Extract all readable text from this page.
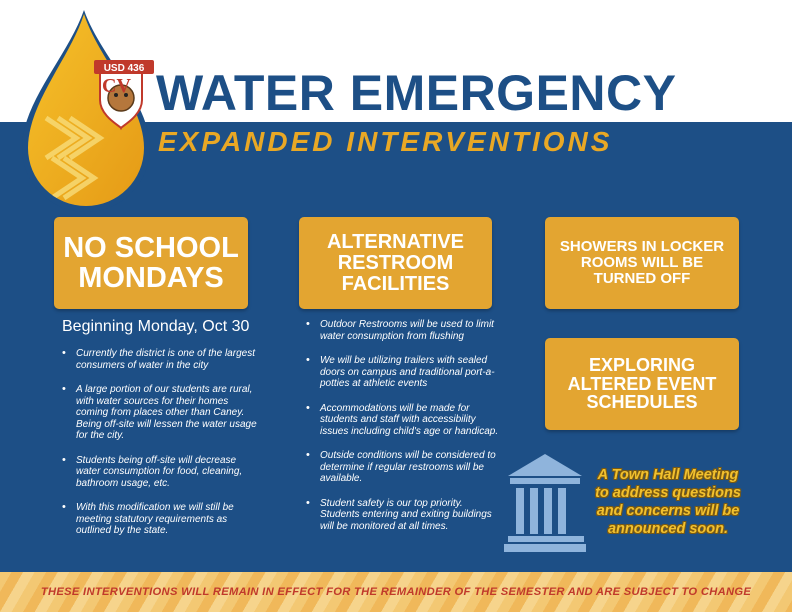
USD 436
CV WATER EMERGENCY
EXPANDED INTERVENTIONS
NO SCHOOL
MONDAYS
Beginning Monday, Oct 30
• Currently the district is one of the largest
consumers of water in the city
• A large portion of our students are rural,
with water sources for their homes
coming from places other than Caney.
Being off-site will lessen the water usage
for the city.
• Students being off-site will decrease
water consumption for food, cleaning,
bathroom usage, etc.
• With this modification we will still be
meeting statutory requirements as
outlined by the state.
ALTERNATIVE
RESTROOM
FACILITIES
• Outdoor Restrooms will be used to limit
water consumption from flushing
• We will be utilizing trailers with sealed
doors on campus and traditional port-a-
potties at athletic events
• Accommodations will be made for
students and staff with accessibility
issues including child's age or handicap.
• Outside conditions will be considered to
determine if regular restrooms will be
available.
• Student safety is our top priority.
Students entering and exiting buildings
will be monitored at all times.
SHOWERS IN LOCKER
ROOMS WILL BE
TURNED OFF
EXPLORING
ALTERED EVENT
SCHEDULES
A Town Hall Meeting
to address questions
and concerns will be
announced soon.
THESE INTERVENTIONS WILL REMAIN IN EFFECT FOR THE REMAINDER OF THE SEMESTER AND ARE SUBJECT TO CHANGE
